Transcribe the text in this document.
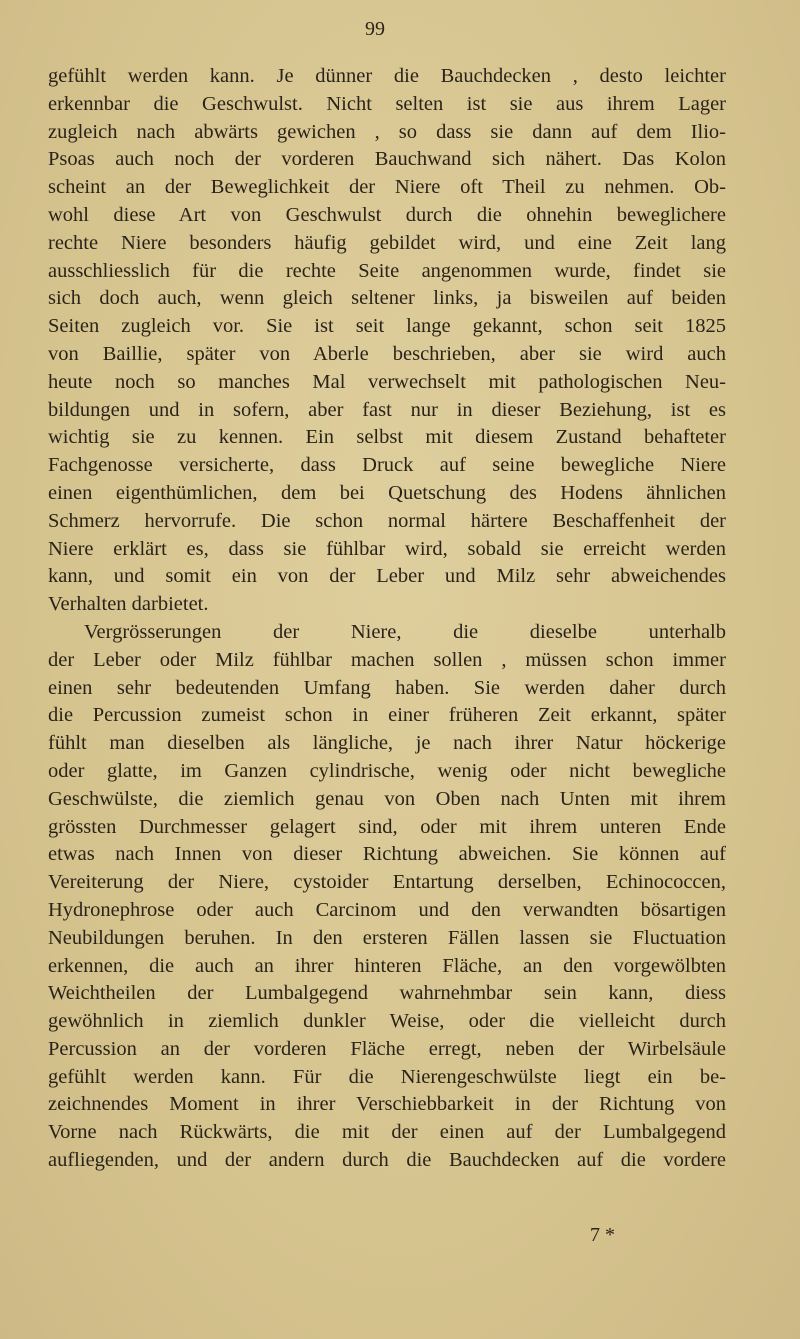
99
gefühlt werden kann. Je dünner die Bauchdecken , desto leichter
erkennbar die Geschwulst. Nicht selten ist sie aus ihrem Lager
zugleich nach abwärts gewichen , so dass sie dann auf dem Ilio-
Psoas auch noch der vorderen Bauchwand sich nähert. Das Kolon
scheint an der Beweglichkeit der Niere oft Theil zu nehmen. Ob-
wohl diese Art von Geschwulst durch die ohnehin beweglichere
rechte Niere besonders häufig gebildet wird, und eine Zeit lang
ausschliesslich für die rechte Seite angenommen wurde, findet sie
sich doch auch, wenn gleich seltener links, ja bisweilen auf beiden
Seiten zugleich vor. Sie ist seit lange gekannt, schon seit 1825
von Baillie, später von Aberle beschrieben, aber sie wird auch
heute noch so manches Mal verwechselt mit pathologischen Neu-
bildungen und in sofern, aber fast nur in dieser Beziehung, ist es
wichtig sie zu kennen. Ein selbst mit diesem Zustand behafteter
Fachgenosse versicherte, dass Druck auf seine bewegliche Niere
einen eigenthümlichen, dem bei Quetschung des Hodens ähnlichen
Schmerz hervorrufe. Die schon normal härtere Beschaffenheit der
Niere erklärt es, dass sie fühlbar wird, sobald sie erreicht werden
kann, und somit ein von der Leber und Milz sehr abweichendes
Verhalten darbietet.
Vergrösserungen der Niere, die dieselbe unterhalb
der Leber oder Milz fühlbar machen sollen , müssen schon immer
einen sehr bedeutenden Umfang haben. Sie werden daher durch
die Percussion zumeist schon in einer früheren Zeit erkannt, später
fühlt man dieselben als längliche, je nach ihrer Natur höckerige
oder glatte, im Ganzen cylindrische, wenig oder nicht bewegliche
Geschwülste, die ziemlich genau von Oben nach Unten mit ihrem
grössten Durchmesser gelagert sind, oder mit ihrem unteren Ende
etwas nach Innen von dieser Richtung abweichen. Sie können auf
Vereiterung der Niere, cystoider Entartung derselben, Echinococcen,
Hydronephrose oder auch Carcinom und den verwandten bösartigen
Neubildungen beruhen. In den ersteren Fällen lassen sie Fluctuation
erkennen, die auch an ihrer hinteren Fläche, an den vorgewölbten
Weichtheilen der Lumbalgegend wahrnehmbar sein kann, diess
gewöhnlich in ziemlich dunkler Weise, oder die vielleicht durch
Percussion an der vorderen Fläche erregt, neben der Wirbelsäule
gefühlt werden kann. Für die Nierengeschwülste liegt ein be-
zeichnendes Moment in ihrer Verschiebbarkeit in der Richtung von
Vorne nach Rückwärts, die mit der einen auf der Lumbalgegend
aufliegenden, und der andern durch die Bauchdecken auf die vordere
7 *
